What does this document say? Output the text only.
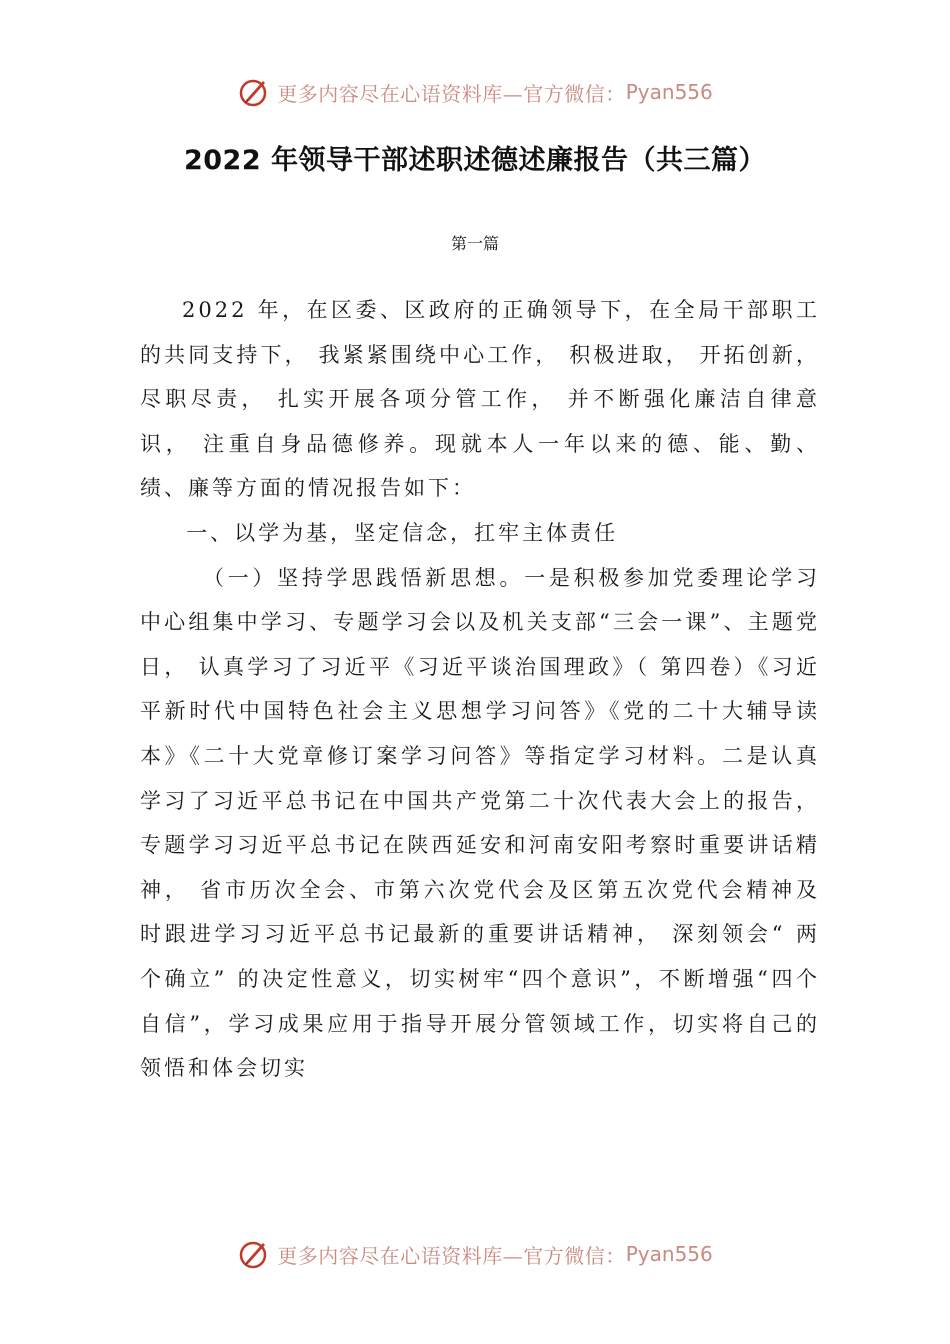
更多内容尽在心语资料库—官方微信： Pyan556
2022 年领导干部述职述德述廉报告（共三篇）
第一篇

2022 年，在区委、区政府的正确领导下，在全局干部职工的共同支持下， 我紧紧围绕中心工作， 积极进取， 开拓创新， 尽职尽责， 扎实开展各项分管工作， 并不断强化廉洁自律意识， 注重自身品德修养。现就本人一年以来的德、能、勤、绩、廉等方面的情况报告如下：

一、以学为基，坚定信念，扛牢主体责任

（一）坚持学思践悟新思想。一是积极参加党委理论学习中心组集中学习、专题学习会以及机关支部“三会一课”、主题党日， 认真学习了习近平《习近平谈治国理政》（ 第四卷）《习近平新时代中国特色社会主义思想学习问答》《党的二十大辅导读本》《二十大党章修订案学习问答》等指定学习材料。二是认真学习了习近平总书记在中国共产党第二十次代表大会上的报告， 专题学习习近平总书记在陕西延安和河南安阳考察时重要讲话精神， 省市历次全会、市第六次党代会及区第五次党代会精神及时跟进学习习近平总书记最新的重要讲话精神， 深刻领会“ 两个确立” 的决定性意义，切实树牢“四个意识”，不断增强“四个自信”，学习成果应用于指导开展分管领域工作，切实将自己的领悟和体会切实

更多内容尽在心语资料库—官方微信： Pyan556
